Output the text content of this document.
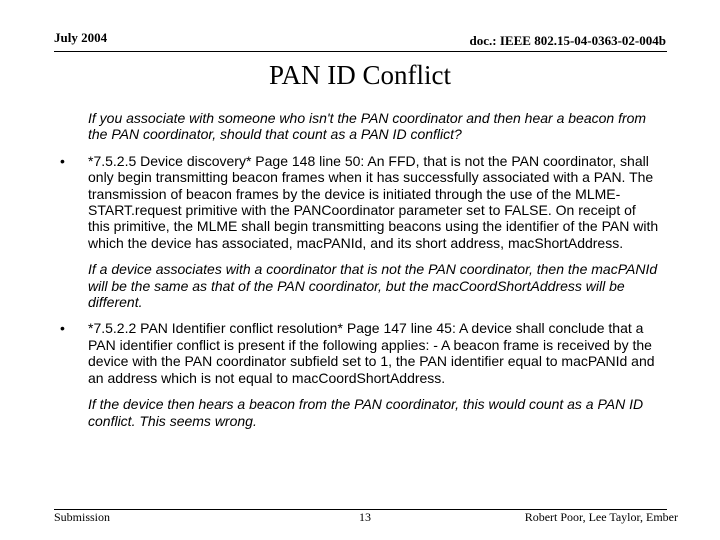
July 2004	doc.: IEEE 802.15-04-0363-02-004b
PAN ID Conflict
If you associate with someone who isn't the PAN coordinator and then hear a beacon from the PAN coordinator, should that count as a PAN ID conflict?
•	*7.5.2.5 Device discovery* Page 148 line 50: An FFD, that is not the PAN coordinator, shall only begin transmitting beacon frames when it has successfully associated with a PAN. The transmission of beacon frames by the device is initiated through the use of the MLME-START.request primitive with the PANCoordinator parameter set to FALSE. On receipt of this primitive, the MLME shall begin transmitting beacons using the identifier of the PAN with which the device has associated, macPANId, and its short address, macShortAddress.
If a device associates with a coordinator that is not the PAN coordinator, then the macPANId will be the same as that of the PAN coordinator, but the macCoordShortAddress will be different.
•	*7.5.2.2 PAN Identifier conflict resolution* Page 147 line 45: A device shall conclude that a PAN identifier conflict is present if the following applies: - A beacon frame is received by the device with the PAN coordinator subfield set to 1, the PAN identifier equal to macPANId and an address which is not equal to macCoordShortAddress.
If the device then hears a beacon from the PAN coordinator, this would count as a PAN ID conflict. This seems wrong.
Submission	13	Robert Poor, Lee Taylor, Ember
